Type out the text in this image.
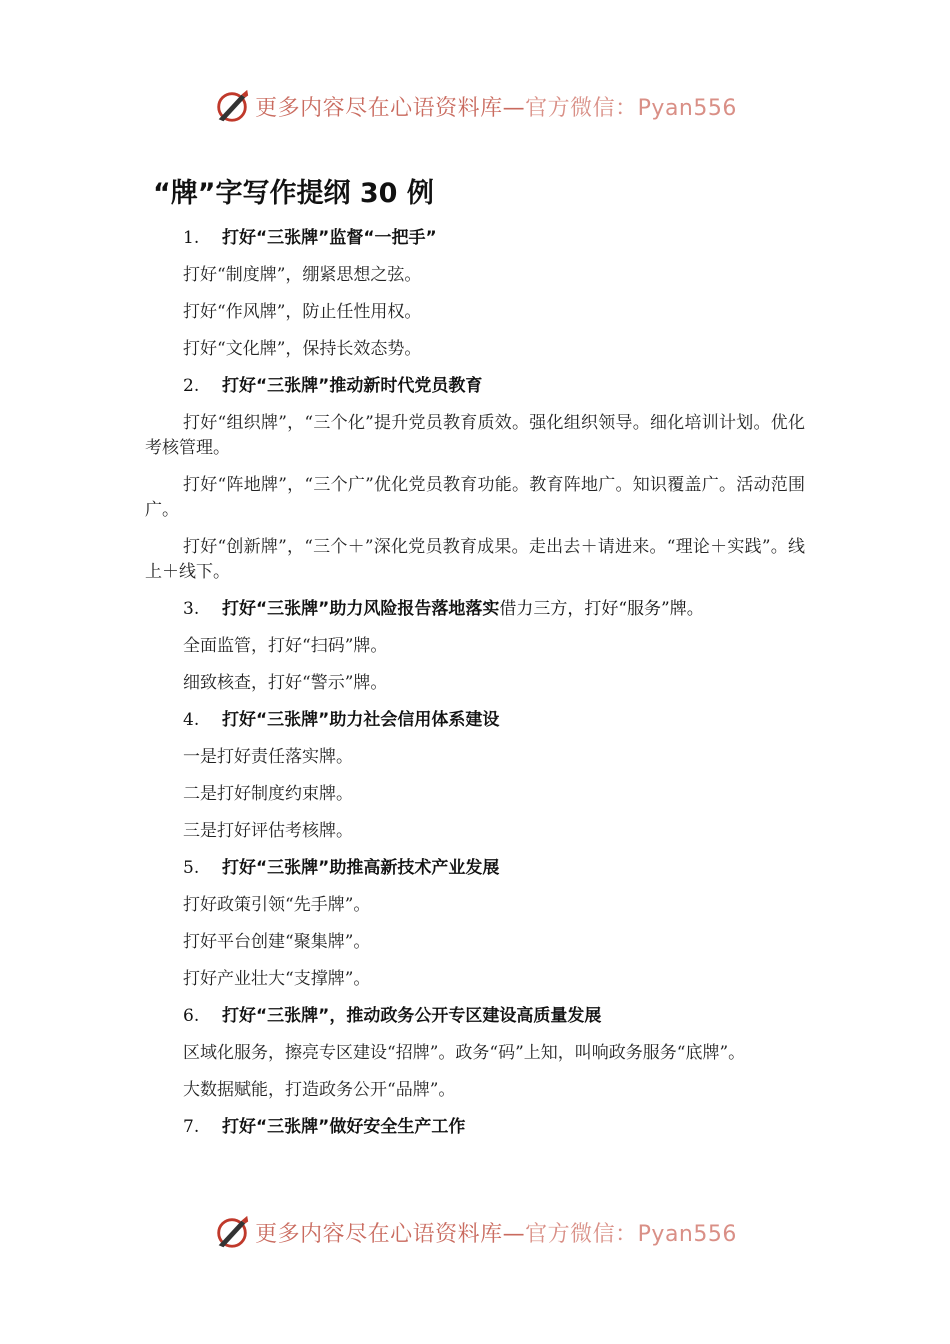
更多内容尽在心语资料库—官方微信：Pyan556
“牌”字写作提纲 30 例
1. 打好“三张牌”监督“一把手”
打好“制度牌”，绷紧思想之弦。
打好“作风牌”，防止任性用权。
打好“文化牌”，保持长效态势。
2. 打好“三张牌”推动新时代党员教育
打好“组织牌”，“三个化”提升党员教育质效。强化组织领导。细化培训计划。优化考核管理。
打好“阵地牌”，“三个广”优化党员教育功能。教育阵地广。知识覆盖广。活动范围广。
打好“创新牌”，“三个＋”深化党员教育成果。走出去＋请进来。“理论＋实践”。线上＋线下。
3. 打好“三张牌”助力风险报告落地落实借力三方，打好“服务”牌。
全面监管，打好“扫码”牌。
细致核查，打好“警示”牌。
4. 打好“三张牌”助力社会信用体系建设
一是打好责任落实牌。
二是打好制度约束牌。
三是打好评估考核牌。
5. 打好“三张牌”助推高新技术产业发展
打好政策引领“先手牌”。
打好平台创建“聚集牌”。
打好产业壮大“支撑牌”。
6. 打好“三张牌”，推动政务公开专区建设高质量发展
区域化服务，擦亮专区建设“招牌”。政务“码”上知，叫响政务服务“底牌”。
大数据赋能，打造政务公开“品牌”。
7. 打好“三张牌”做好安全生产工作
更多内容尽在心语资料库—官方微信：Pyan556
